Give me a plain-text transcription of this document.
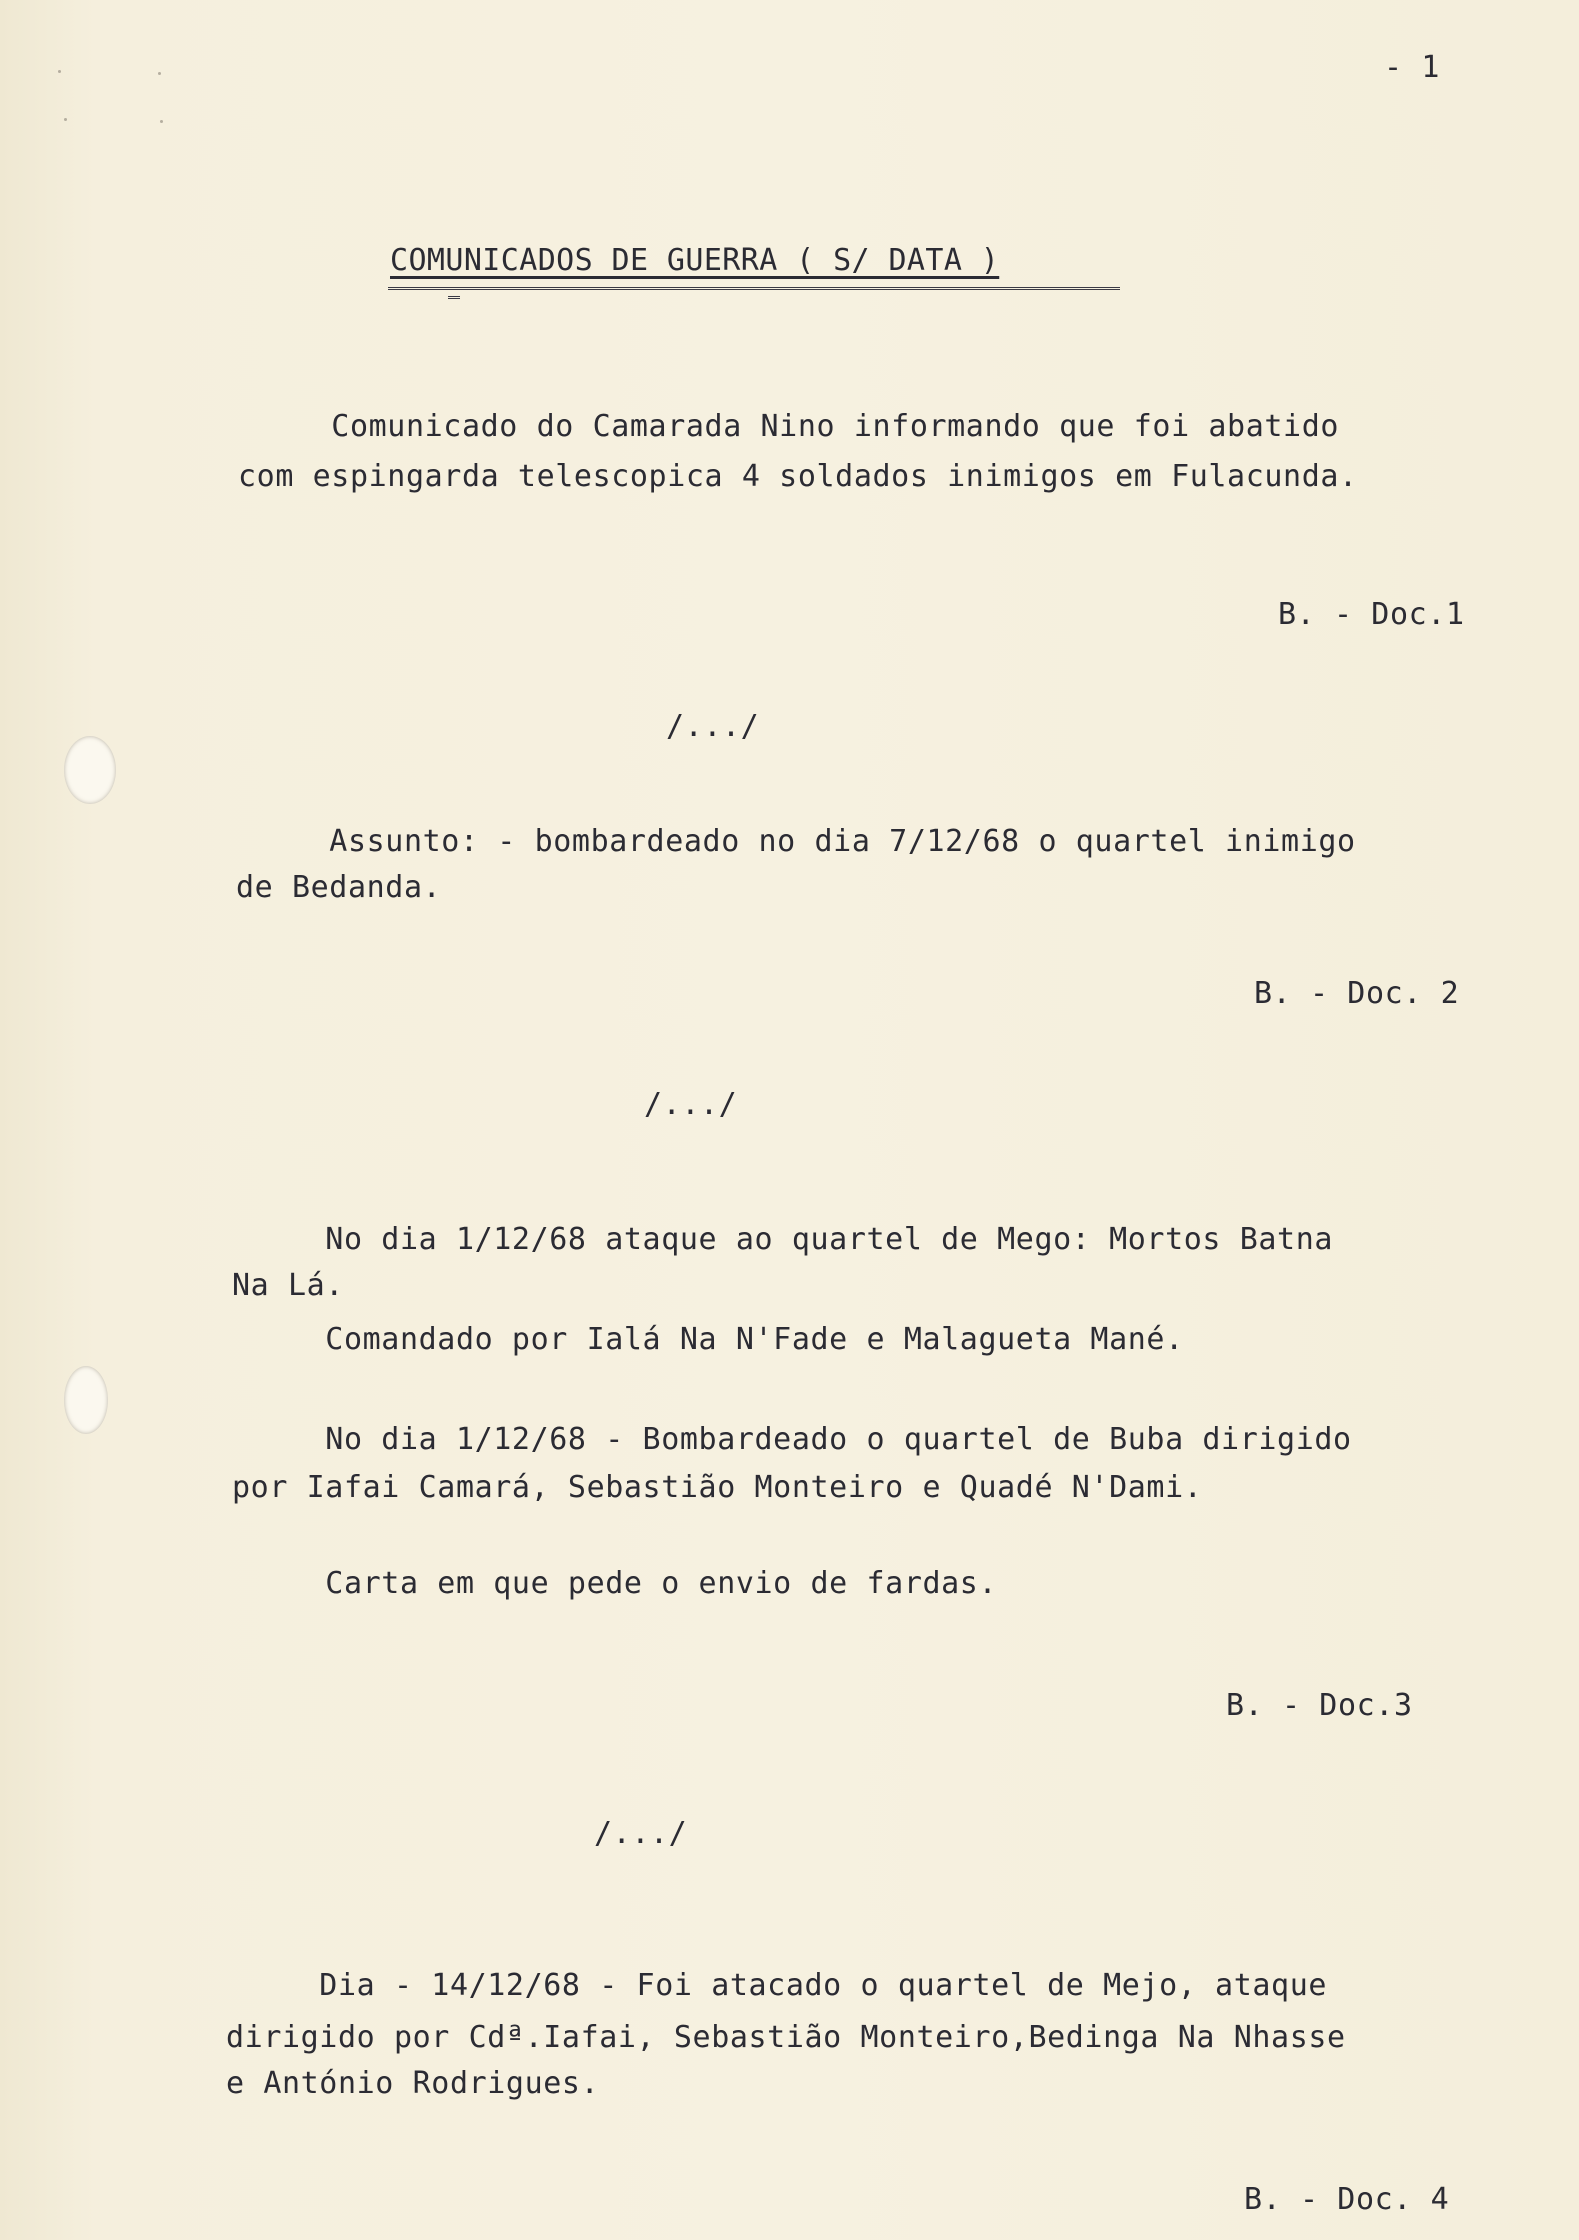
- 1
COMUNICADOS DE GUERRA ( S/ DATA )
Comunicado do Camarada Nino informando que foi abatido
com espingarda telescopica 4 soldados inimigos em Fulacunda.
B. - Doc.1
/.../
Assunto: - bombardeado no dia 7/12/68 o quartel inimigo
de Bedanda.
B. - Doc. 2
/.../
No dia 1/12/68 ataque ao quartel de Mego: Mortos Batna
Na Lá.
Comandado por Ialá Na N'Fade e Malagueta Mané.
No dia 1/12/68 - Bombardeado o quartel de Buba dirigido
por Iafai Camará, Sebastião Monteiro e Quadé N'Dami.
Carta em que pede o envio de fardas.
B. - Doc.3
/.../
Dia - 14/12/68 - Foi atacado o quartel de Mejo, ataque
dirigido por Cdª.Iafai, Sebastião Monteiro,Bedinga Na Nhasse
e António Rodrigues.
B. - Doc. 4
